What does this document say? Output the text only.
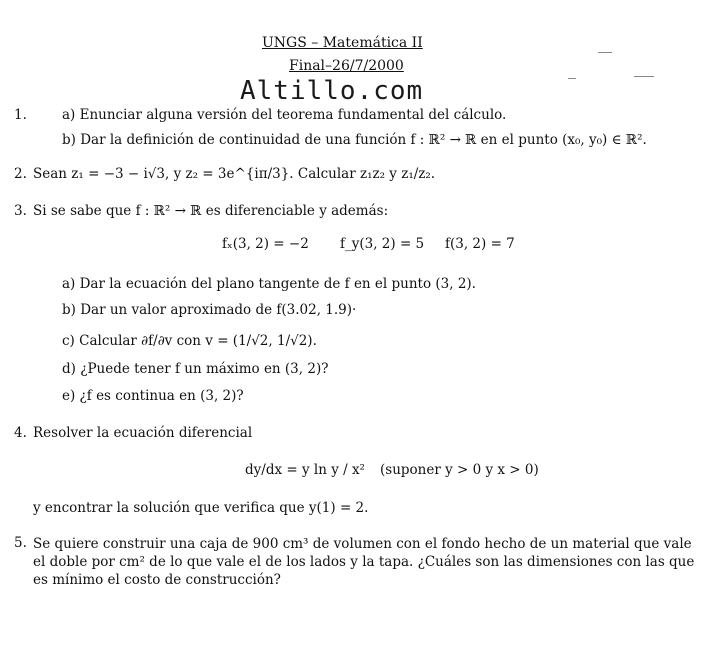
UNGS – Matemática II
Final–26/7/2000
Altillo.com
1.	a) Enunciar alguna versión del teorema fundamental del cálculo.
b) Dar la definición de continuidad de una función f : ℝ² → ℝ en el punto (x₀, y₀) ∈ ℝ².
2. Sean z₁ = −3 − i√3, y z₂ = 3e^{iπ/3}. Calcular z₁z₂ y z₁/z₂.
3. Si se sabe que f : ℝ² → ℝ es diferenciable y además:
fₓ(3, 2) = −2 f_y(3, 2) = 5 f(3, 2) = 7
a) Dar la ecuación del plano tangente de f en el punto (3, 2).
b) Dar un valor aproximado de f(3.02, 1.9)·
c) Calcular ∂f/∂v con v = (1/√2, 1/√2).
d) ¿Puede tener f un máximo en (3, 2)?
e) ¿f es continua en (3, 2)?
4. Resolver la ecuación diferencial
dy/dx = y ln y / x² (suponer y > 0 y x > 0)
y encontrar la solución que verifica que y(1) = 2.
5. Se quiere construir una caja de 900 cm³ de volumen con el fondo hecho de un material que vale el doble por cm² de lo que vale el de los lados y la tapa. ¿Cuáles son las dimensiones con las que es mínimo el costo de construcción?
